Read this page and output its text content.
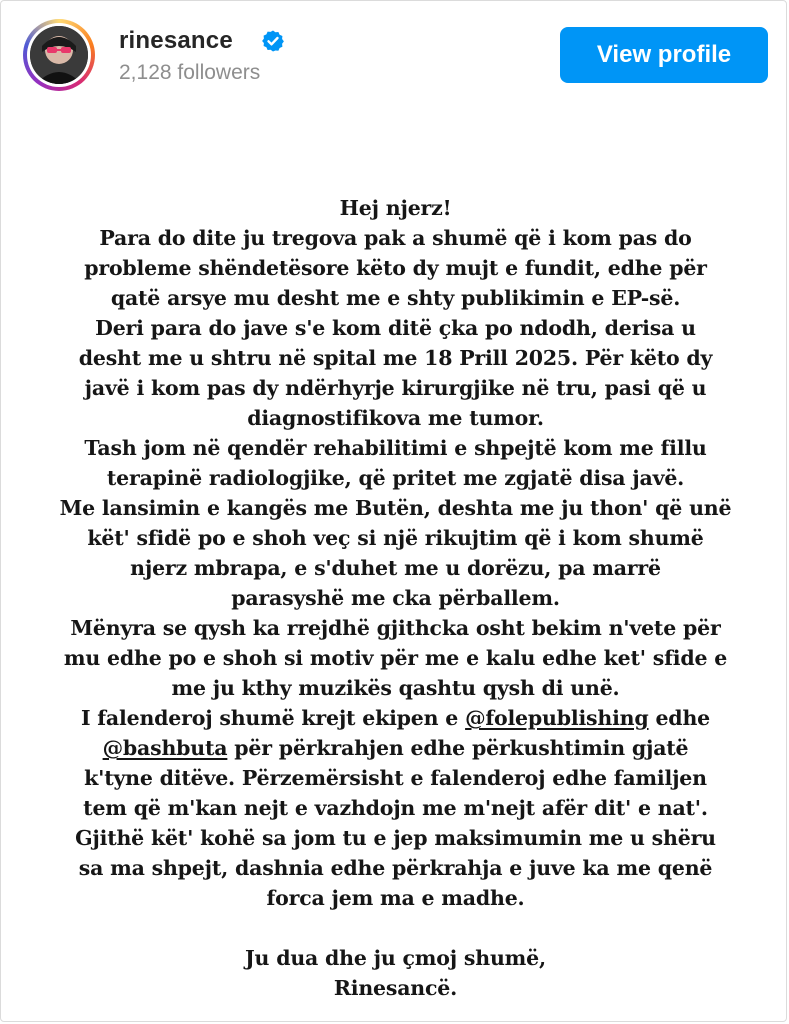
rinesance
2,128 followers
View profile
Hej njerz!
Para do dite ju tregova pak a shumë që i kom pas do
probleme shëndetësore këto dy mujt e fundit, edhe për
qatë arsye mu desht me e shty publikimin e EP-së.
Deri para do jave s'e kom ditë çka po ndodh, derisa u
desht me u shtru në spital me 18 Prill 2025. Për këto dy
javë i kom pas dy ndërhyrje kirurgjike në tru, pasi që u
diagnostifikova me tumor.
Tash jom në qendër rehabilitimi e shpejtë kom me fillu
terapinë radiologjike, që pritet me zgjatë disa javë.
Me lansimin e kangës me Butën, deshta me ju thon' që unë
kët' sfidë po e shoh veç si një rikujtim që i kom shumë
njerz mbrapa, e s'duhet me u dorëzu, pa marrë
parasyshë me cka përballem.
Mënyra se qysh ka rrejdhë gjithcka osht bekim n'vete për
mu edhe po e shoh si motiv për me e kalu edhe ket' sfide e
me ju kthy muzikës qashtu qysh di unë.
I falenderoj shumë krejt ekipen e @folepublishing edhe
@bashbuta për përkrahjen edhe përkushtimin gjatë
k'tyne ditëve. Përzemërsisht e falenderoj edhe familjen
tem që m'kan nejt e vazhdojn me m'nejt afër dit' e nat'.
Gjithë kët' kohë sa jom tu e jep maksimumin me u shëru
sa ma shpejt, dashnia edhe përkrahja e juve ka me qenë
forca jem ma e madhe.
Ju dua dhe ju çmoj shumë,
Rinesancë.
